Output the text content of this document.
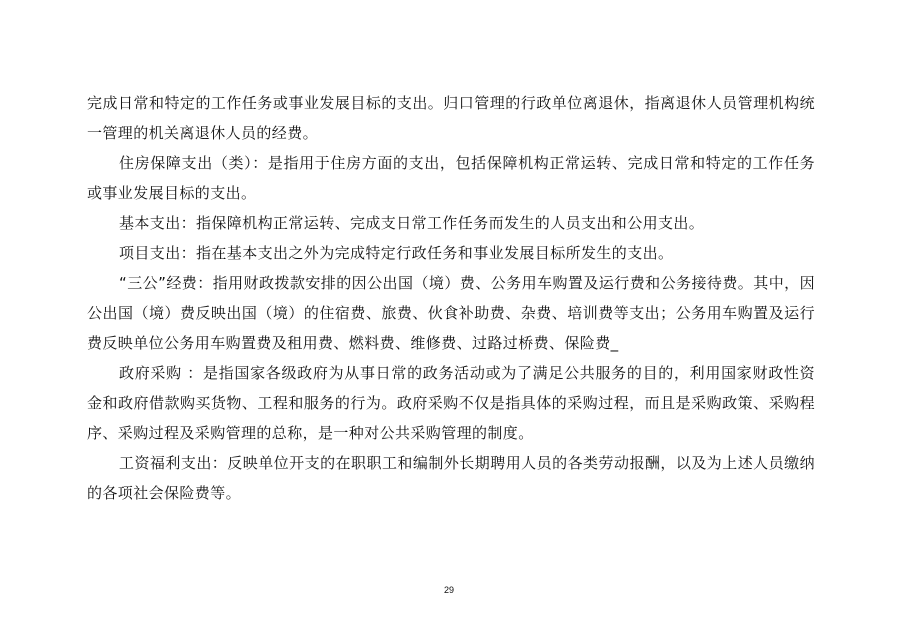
完成日常和特定的工作任务或事业发展目标的支出。归口管理的行政单位离退休，指离退休人员管理机构统一管理的机关离退休人员的经费。

住房保障支出（类）：是指用于住房方面的支出，包括保障机构正常运转、完成日常和特定的工作任务或事业发展目标的支出。

基本支出：指保障机构正常运转、完成支日常工作任务而发生的人员支出和公用支出。

项目支出：指在基本支出之外为完成特定行政任务和事业发展目标所发生的支出。

“三公”经费：指用财政拨款安排的因公出国（境）费、公务用车购置及运行费和公务接待费。其中，因公出国（境）费反映出国（境）的住宿费、旅费、伙食补助费、杂费、培训费等支出；公务用车购置及运行费反映单位公务用车购置费及租用费、燃料费、维修费、过路过桥费、保险费_

政府采购 ：是指国家各级政府为从事日常的政务活动或为了满足公共服务的目的，利用国家财政性资金和政府借款购买货物、工程和服务的行为。政府采购不仅是指具体的采购过程，而且是采购政策、采购程序、采购过程及采购管理的总称，是一种对公共采购管理的制度。

工资福利支出：反映单位开支的在职职工和编制外长期聘用人员的各类劳动报酬，以及为上述人员缴纳的各项社会保险费等。

29
